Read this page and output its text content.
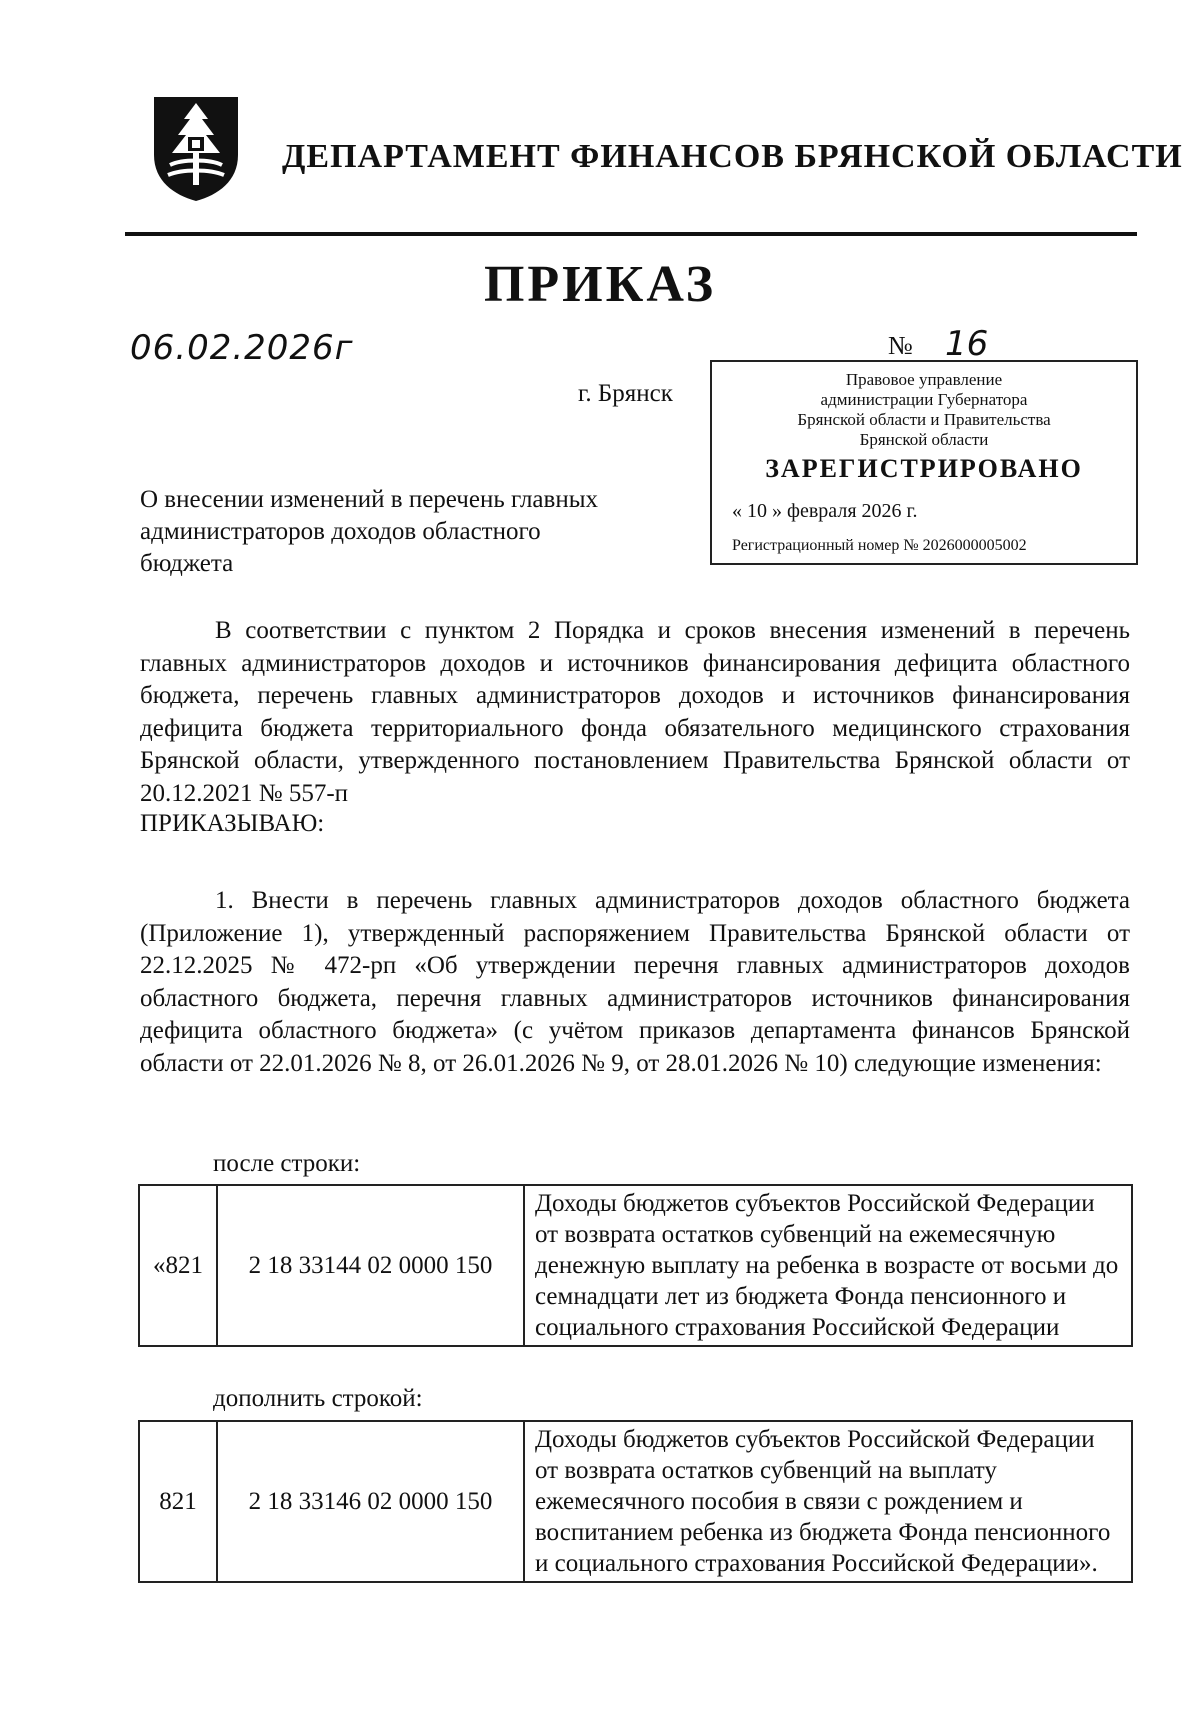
ДЕПАРТАМЕНТ ФИНАНСОВ БРЯНСКОЙ ОБЛАСТИ
ПРИКАЗ
06.02.2026г	№ 16
г. Брянск
Правовое управление
администрации Губернатора
Брянской области и Правительства
Брянской области
ЗАРЕГИСТРИРОВАНО
« 10 » февраля 2026 г.
Регистрационный номер № 2026000005002
О внесении изменений в перечень главных администраторов доходов областного бюджета
В соответствии с пунктом 2 Порядка и сроков внесения изменений в перечень главных администраторов доходов и источников финансирования дефицита областного бюджета, перечень главных администраторов доходов и источников финансирования дефицита бюджета территориального фонда обязательного медицинского страхования Брянской области, утвержденного постановлением Правительства Брянской области от 20.12.2021 № 557-п
ПРИКАЗЫВАЮ:
1. Внести в перечень главных администраторов доходов областного бюджета (Приложение 1), утвержденный распоряжением Правительства Брянской области от 22.12.2025 № 472-рп «Об утверждении перечня главных администраторов доходов областного бюджета, перечня главных администраторов источников финансирования дефицита областного бюджета» (с учётом приказов департамента финансов Брянской области от 22.01.2026 № 8, от 26.01.2026 № 9, от 28.01.2026 № 10) следующие изменения:
после строки:
«821	2 18 33144 02 0000 150	Доходы бюджетов субъектов Российской Федерации от возврата остатков субвенций на ежемесячную денежную выплату на ребенка в возрасте от восьми до семнадцати лет из бюджета Фонда пенсионного и социального страхования Российской Федерации
дополнить строкой:
821	2 18 33146 02 0000 150	Доходы бюджетов субъектов Российской Федерации от возврата остатков субвенций на выплату ежемесячного пособия в связи с рождением и воспитанием ребенка из бюджета Фонда пенсионного и социального страхования Российской Федерации».
